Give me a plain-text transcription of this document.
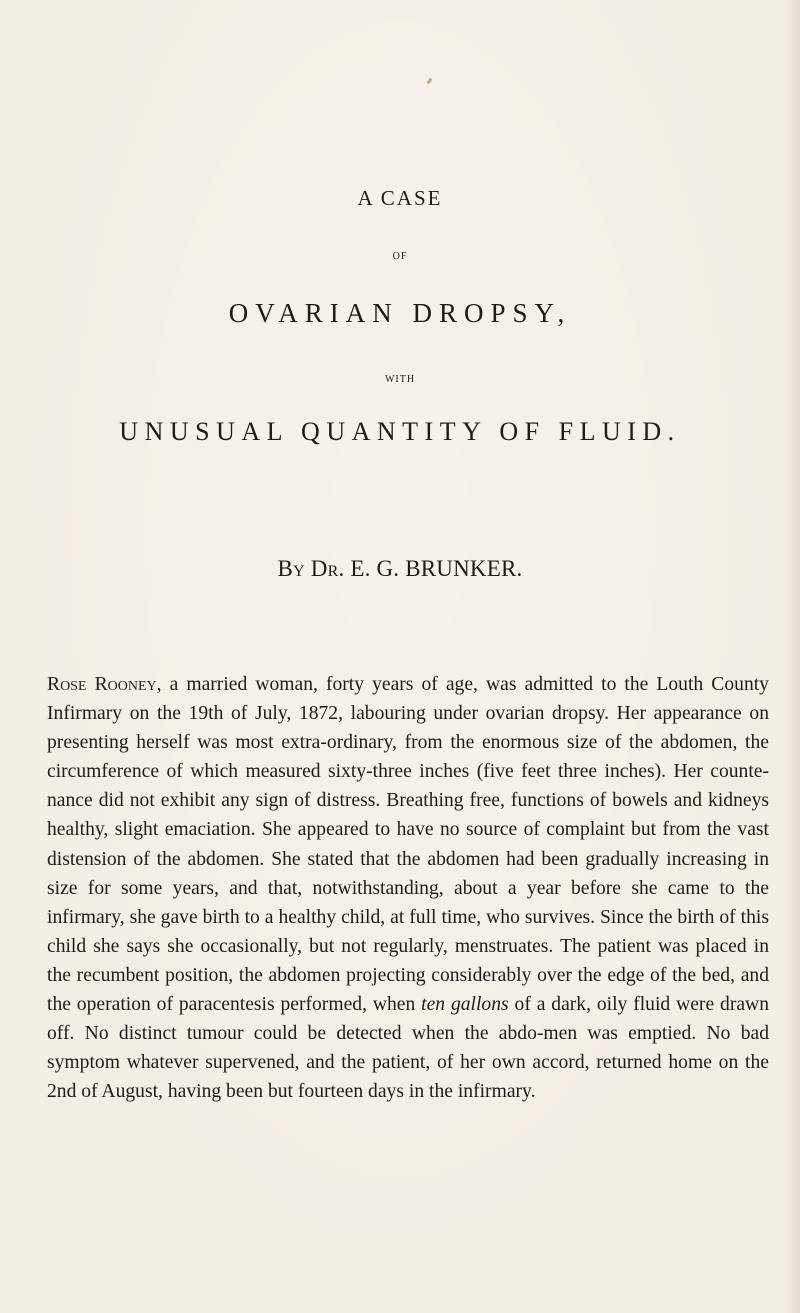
A CASE
OF
OVARIAN DROPSY,
WITH
UNUSUAL QUANTITY OF FLUID.
By Dr. E. G. BRUNKER.
Rose Rooney, a married woman, forty years of age, was admitted to the Louth County Infirmary on the 19th of July, 1872, labouring under ovarian dropsy. Her appearance on presenting herself was most extra-ordinary, from the enormous size of the abdomen, the circumference of which measured sixty-three inches (five feet three inches). Her counte-nance did not exhibit any sign of distress. Breathing free, functions of bowels and kidneys healthy, slight emaciation. She appeared to have no source of complaint but from the vast distension of the abdomen. She stated that the abdomen had been gradually increasing in size for some years, and that, notwithstanding, about a year before she came to the infirmary, she gave birth to a healthy child, at full time, who survives. Since the birth of this child she says she occasionally, but not regularly, menstruates. The patient was placed in the recumbent position, the abdomen projecting considerably over the edge of the bed, and the operation of paracentesis performed, when ten gallons of a dark, oily fluid were drawn off. No distinct tumour could be detected when the abdo-men was emptied. No bad symptom whatever supervened, and the patient, of her own accord, returned home on the 2nd of August, having been but fourteen days in the infirmary.
